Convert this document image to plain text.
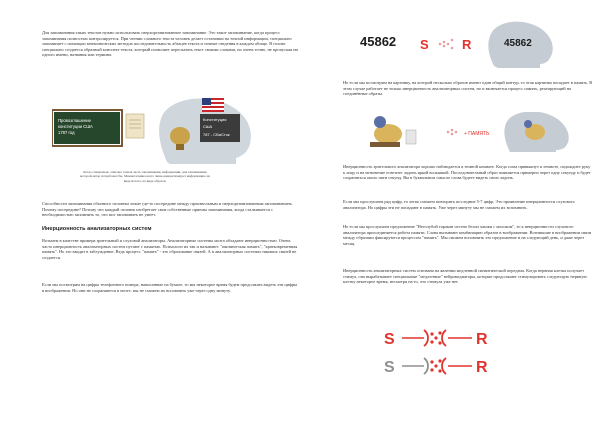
Для запоминания таких текстов нужно использовать сверхорганизованное запоминание. Это такое запоминание, когда процесс запоминания полностью контролируется. При чтении сложного текста человек делает остановки на точной информации, специально запоминает с помощью мнемонических методов последовательность абзацев текста и точные сведения в каждом абзаце. В голове специально создается образный конспект текста, который позволяет пересказать текст своими словами, но очень точно, не пропуская ни одного имени, названия или термина.

Провозглашение
конституции США
1787 год
Конституция
США
787 - СВиСток

Когда специально описана точная часть запоминания, информации, для запоминания которой автор потребовал бы. Мнемотехника всего лишь конкретизирует информацию на виде мотега, на виде образов.

Способности запоминания обычного человека лежат где-то посередине между произвольным и сверхорганизованным запоминанием. Почему посередине? Потому что каждый человек изобретает свои собственные приемы запоминания, когда сталкивается с необходимостью запомнить то, что мог запоминать не умеет.

Инерционность анализаторных систем

Возьмем в качестве примера зрительный и слуховой анализаторы. Анализаторные системы мозга обладают инерционностью. Очень часто инерционность анализаторных систем путают с памятью. Психологи их так и называют: "иконическая память", "кратковременная память". Но это вводит в заблуждение. Ведь процесс "память" - это образование связей. А в анализаторных системах никаких связей не создается.

Если мы посмотрим на цифры телефонного номера, написанные на бумаге, то мы некоторое время будем продолжать видеть эти цифры в воображении. Но они не сохраняются в мозге, мы не сможем их вспомнить уже через одну минуту.

45862 S	R	45862

Но если мы посмотрим на картинку, на которой несколько образов имеют один общий контур, то этак картинка попадает в память. В этом случае работает не только инерционность анализаторных систем, но и включается процесс память, реагирующий на соединённые образы.

+ ПАМЯТЬ

Инерционность зрительного анализатора хорошо наблюдается в темной комнате. Когда глаза привыкнут к темноте, подождите руку к лицу и на мгновение осветите ладонь яркой вспышкой. Последовательный образ появляется примерно через одну секунду и будет сохраняться около пяти секунд. Вы в буквальном смысле слова будете видеть свою ладонь.

Если мы прослушаем ряд цифр, то легко сможем повторить последние 5-7 цифр. Это проявление инерционности слухового анализатора. Но цифры эти не попадают в память. Уже через минуту мы не сможем их вспомнить.

Но если мы прослушаем предложение "Неголубой таракан честно белил чашки с молоком", то к инерционности слухового анализатора присоединяется работа памяти. Слова вызывают комбинацию образов в воображении. Возникшие в воображении связи между образами фиксируются процессом "память". Мы сможем вспомнить это предложение и на следующий день, и даже через месяц.

Инерционность анализаторных систем основана на явлении медленной синаптической передачи. Когда нервная клетка получает стимул, она вырабатывает специальные "медленные" нейромедиаторы, которые продолжают стимулировать следующую нервную клетку некоторое время, несмотря на то, что стимула уже нет.

S	R
S	R
